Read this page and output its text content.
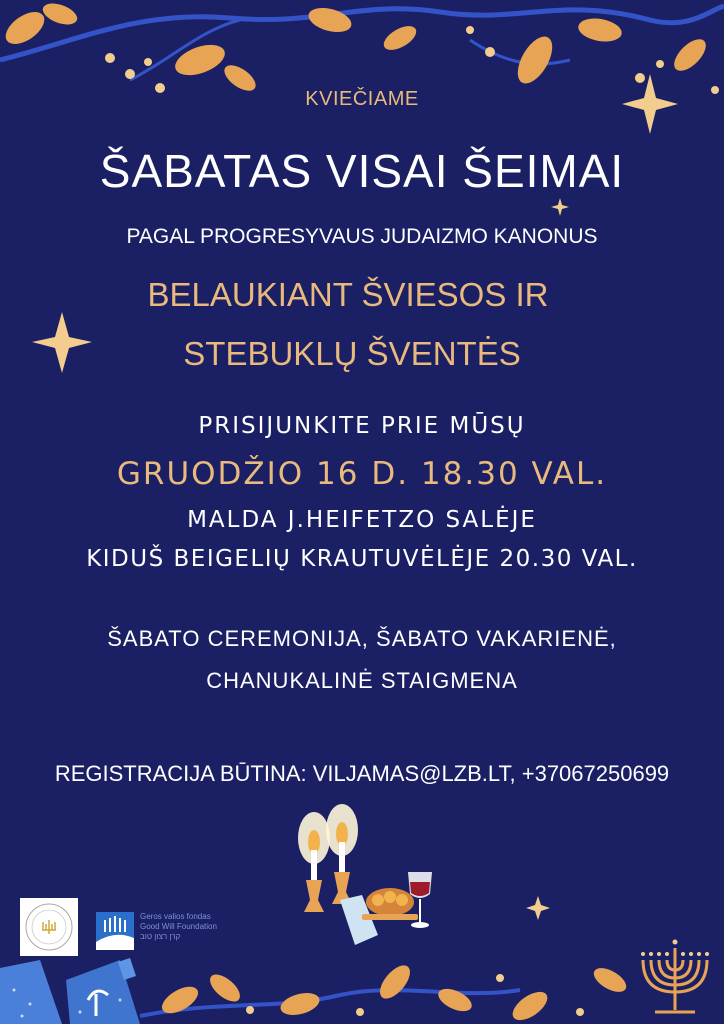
KVIEČIAME
ŠABATAS VISAI ŠEIMAI
PAGAL PROGRESYVAUS JUDAIZMO KANONUS
BELAUKIANT ŠVIESOS IR
STEBUKLŲ ŠVENTĖS
PRISIJUNKITE PRIE MŪSŲ
GRUODŽIO 16 D. 18.30 VAL.
MALDA J.HEIFETZO SALĖJE
KIDUŠ BEIGELIŲ KRAUTUVĖLĖJE 20.30 VAL.
ŠABATO CEREMONIJA, ŠABATO VAKARIENĖ,
CHANUKALINĖ STAIGMENA
REGISTRACIJA BŪTINA: VILJAMAS@LZB.LT, +37067250699
Geros valios fondas
Good Will Foundation
קרן רצון טוב
